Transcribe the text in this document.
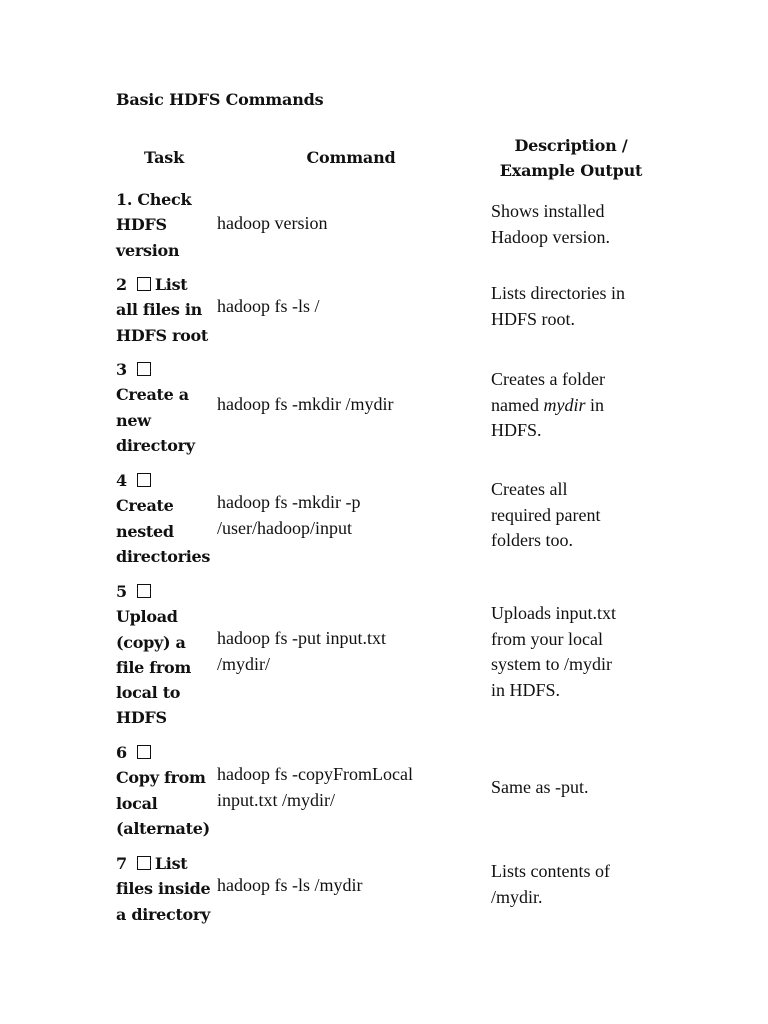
Basic HDFS Commands
Task	Command
Description /
Example Output
1. Check
HDFS
version
hadoop version
Shows installed
Hadoop version.
2 List
all files in
HDFS root
hadoop fs -ls /
Lists directories in
HDFS root.
3
Create a
new
directory
hadoop fs -mkdir /mydir
Creates a folder
named mydir in
HDFS.
4
Create
nested
directories
hadoop fs -mkdir -p
/user/hadoop/input
Creates all
required parent
folders too.
5
Upload
(copy) a
file from
local to
HDFS
hadoop fs -put input.txt
/mydir/
Uploads input.txt
from your local
system to /mydir
in HDFS.
6
Copy from
local
(alternate)
hadoop fs -copyFromLocal
input.txt /mydir/
Same as -put.
7 List
files inside
a directory
hadoop fs -ls /mydir
Lists contents of
/mydir.
